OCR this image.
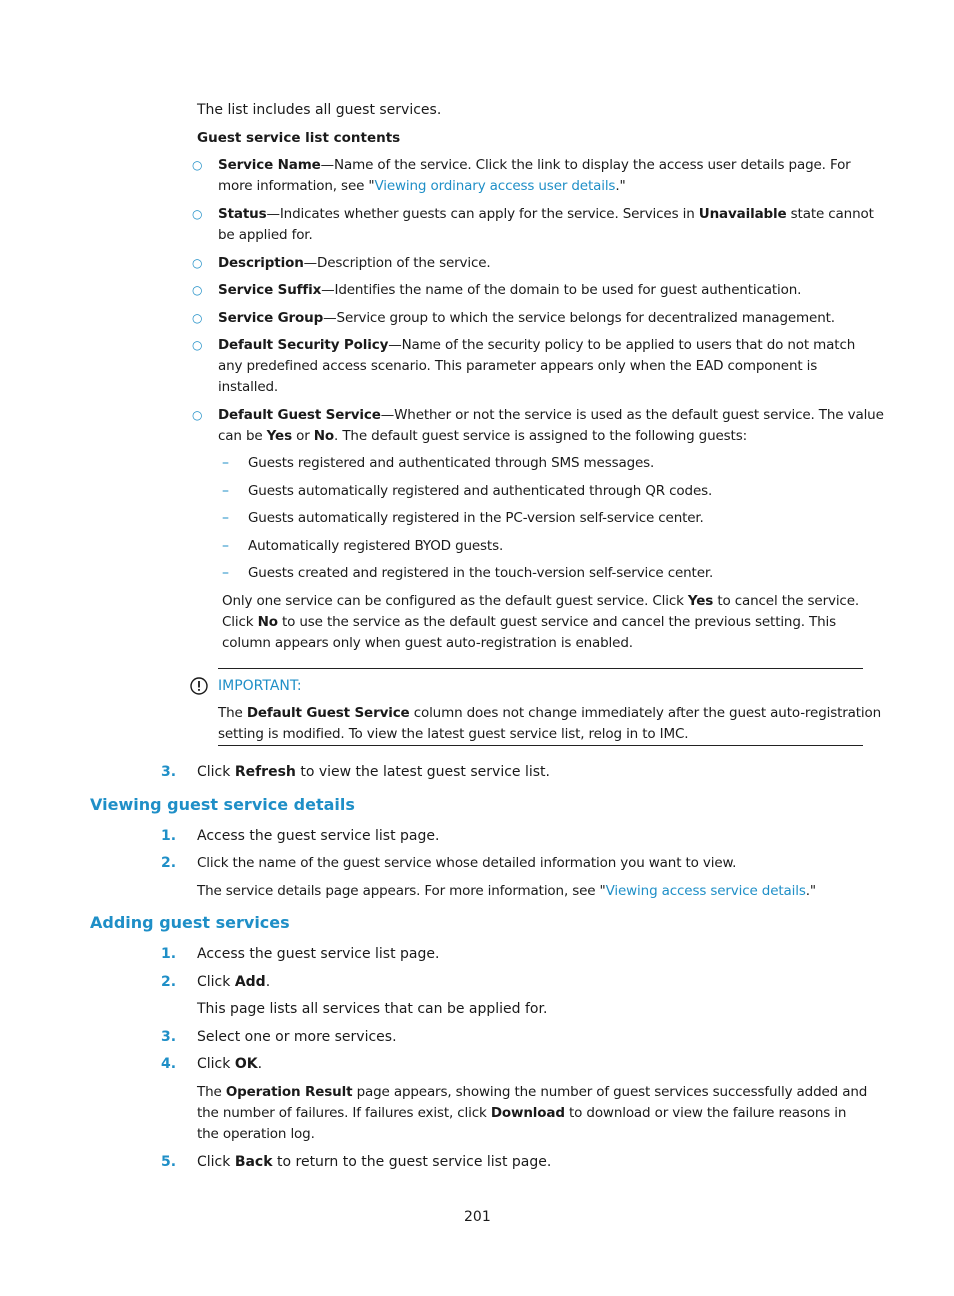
The list includes all guest services.
Guest service list contents
○ Service Name—Name of the service. Click the link to display the access user details page. For
more information, see "Viewing ordinary access user details."
○ Status—Indicates whether guests can apply for the service. Services in Unavailable state cannot
be applied for.
○ Description—Description of the service.
○ Service Suffix—Identifies the name of the domain to be used for guest authentication.
○ Service Group—Service group to which the service belongs for decentralized management.
○ Default Security Policy—Name of the security policy to be applied to users that do not match
any predefined access scenario. This parameter appears only when the EAD component is
installed.
○ Default Guest Service—Whether or not the service is used as the default guest service. The value
can be Yes or No. The default guest service is assigned to the following guests:
– Guests registered and authenticated through SMS messages.
– Guests automatically registered and authenticated through QR codes.
– Guests automatically registered in the PC-version self-service center.
– Automatically registered BYOD guests.
– Guests created and registered in the touch-version self-service center.
Only one service can be configured as the default guest service. Click Yes to cancel the service.
Click No to use the service as the default guest service and cancel the previous setting. This
column appears only when guest auto-registration is enabled.
IMPORTANT:
The Default Guest Service column does not change immediately after the guest auto-registration
setting is modified. To view the latest guest service list, relog in to IMC.
3. Click Refresh to view the latest guest service list.
Viewing guest service details
1. Access the guest service list page.
2. Click the name of the guest service whose detailed information you want to view.
The service details page appears. For more information, see "Viewing access service details."
Adding guest services
1. Access the guest service list page.
2. Click Add.
This page lists all services that can be applied for.
3. Select one or more services.
4. Click OK.
The Operation Result page appears, showing the number of guest services successfully added and
the number of failures. If failures exist, click Download to download or view the failure reasons in
the operation log.
5. Click Back to return to the guest service list page.
201
